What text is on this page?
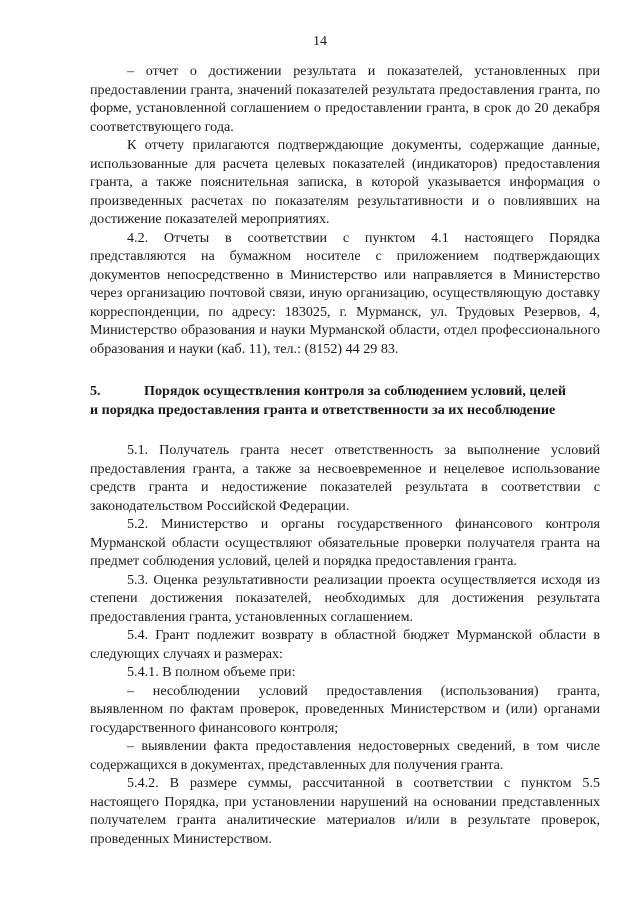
14

– отчет о достижении результата и показателей, установленных при предоставлении гранта, значений показателей результата предоставления гранта, по форме, установленной соглашением о предоставлении гранта, в срок до 20 декабря соответствующего года.

К отчету прилагаются подтверждающие документы, содержащие данные, использованные для расчета целевых показателей (индикаторов) предоставления гранта, а также пояснительная записка, в которой указывается информация о произведенных расчетах по показателям результативности и о повлиявших на достижение показателей мероприятиях.

4.2. Отчеты в соответствии с пунктом 4.1 настоящего Порядка представляются на бумажном носителе с приложением подтверждающих документов непосредственно в Министерство или направляется в Министерство через организацию почтовой связи, иную организацию, осуществляющую доставку корреспонденции, по адресу: 183025, г. Мурманск, ул. Трудовых Резервов, 4, Министерство образования и науки Мурманской области, отдел профессионального образования и науки (каб. 11), тел.: (8152) 44 29 83.

5.	Порядок осуществления контроля за соблюдением условий, целей
и порядка предоставления гранта и ответственности за их несоблюдение

5.1. Получатель гранта несет ответственность за выполнение условий предоставления гранта, а также за несвоевременное и нецелевое использование средств гранта и недостижение показателей результата в соответствии с законодательством Российской Федерации.

5.2. Министерство и органы государственного финансового контроля Мурманской области осуществляют обязательные проверки получателя гранта на предмет соблюдения условий, целей и порядка предоставления гранта.

5.3. Оценка результативности реализации проекта осуществляется исходя из степени достижения показателей, необходимых для достижения результата предоставления гранта, установленных соглашением.

5.4. Грант подлежит возврату в областной бюджет Мурманской области в следующих случаях и размерах:

5.4.1. В полном объеме при:

– несоблюдении условий предоставления (использования) гранта, выявленном по фактам проверок, проведенных Министерством и (или) органами государственного финансового контроля;

– выявлении факта предоставления недостоверных сведений, в том числе содержащихся в документах, представленных для получения гранта.

5.4.2. В размере суммы, рассчитанной в соответствии с пунктом 5.5 настоящего Порядка, при установлении нарушений на основании представленных получателем гранта аналитические материалов и/или в результате проверок, проведенных Министерством.
